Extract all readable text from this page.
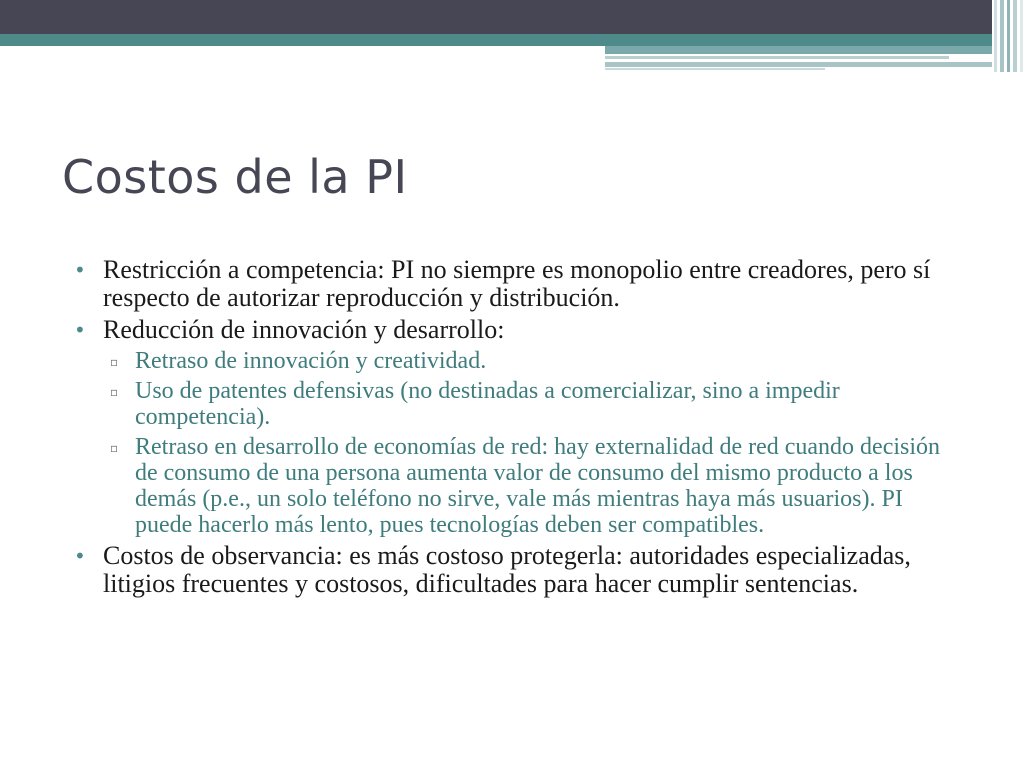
Costos de la PI
• Restricción a competencia: PI no siempre es monopolio entre creadores, pero sí respecto de autorizar reproducción y distribución.
• Reducción de innovación y desarrollo:
▫ Retraso de innovación y creatividad.
▫ Uso de patentes defensivas (no destinadas a comercializar, sino a impedir competencia).
▫ Retraso en desarrollo de economías de red: hay externalidad de red cuando decisión de consumo de una persona aumenta valor de consumo del mismo producto a los demás (p.e., un solo teléfono no sirve, vale más mientras haya más usuarios). PI puede hacerlo más lento, pues tecnologías deben ser compatibles.
• Costos de observancia: es más costoso protegerla: autoridades especializadas, litigios frecuentes y costosos, dificultades para hacer cumplir sentencias.
